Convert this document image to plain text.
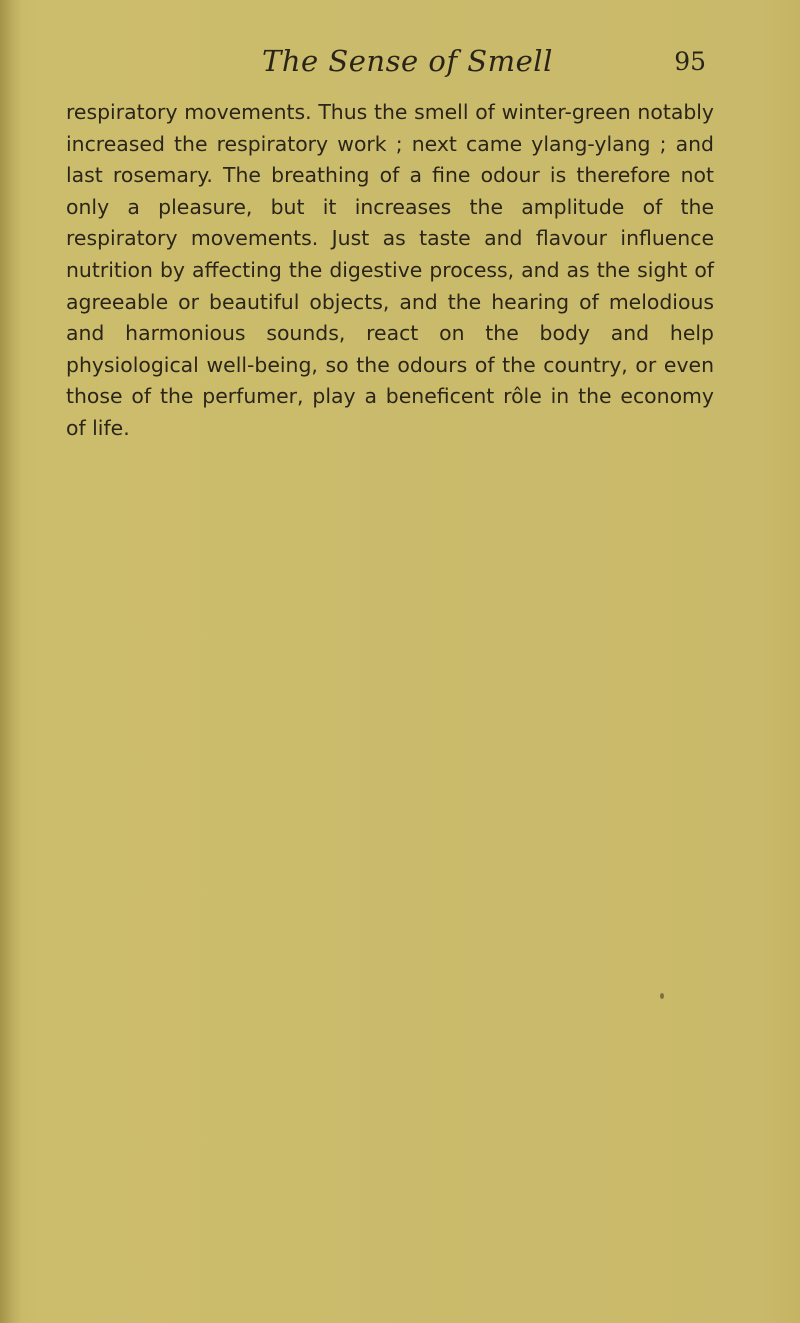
The Sense of Smell	95

respiratory movements. Thus the smell of winter-green notably increased the respiratory work ; next came ylang-ylang ; and last rosemary. The breathing of a fine odour is therefore not only a pleasure, but it increases the amplitude of the respiratory movements. Just as taste and flavour influence nutrition by affecting the digestive process, and as the sight of agreeable or beautiful objects, and the hearing of melodious and harmonious sounds, react on the body and help physiological well-being, so the odours of the country, or even those of the perfumer, play a beneficent rôle in the economy of life.
